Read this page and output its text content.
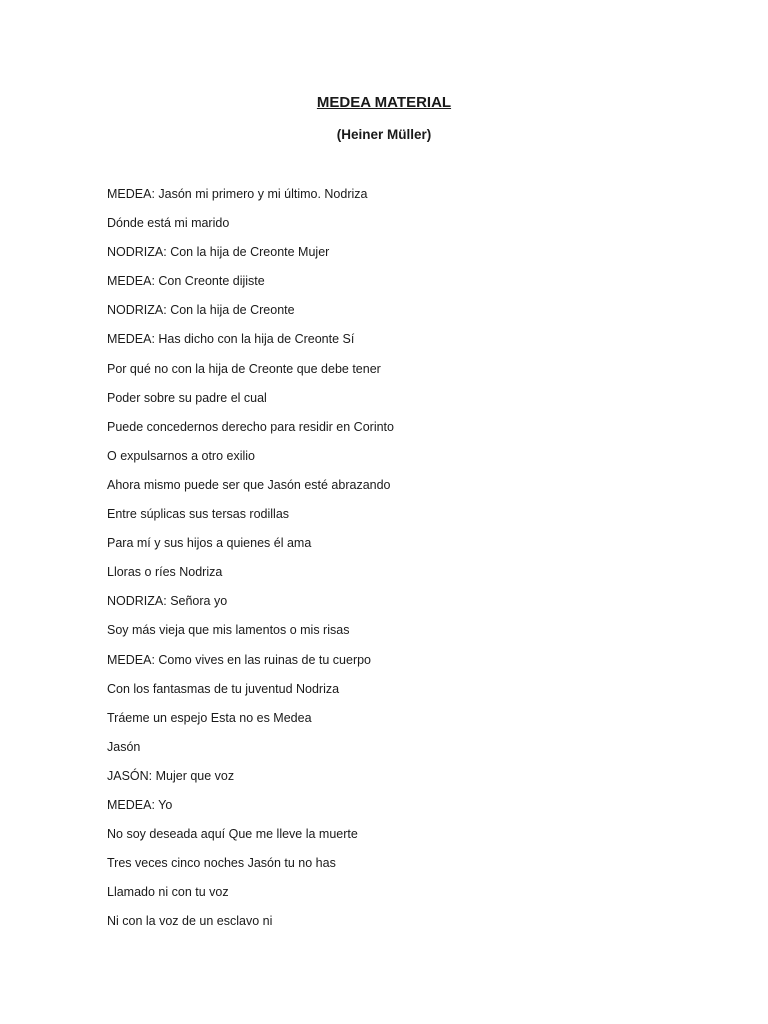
MEDEA MATERIAL
(Heiner Müller)
MEDEA: Jasón mi primero y mi último. Nodriza
Dónde está mi marido
NODRIZA: Con la hija de Creonte Mujer
MEDEA: Con Creonte dijiste
NODRIZA: Con la hija de Creonte
MEDEA: Has dicho con la hija de Creonte Sí
Por qué no con la hija de Creonte que debe tener
Poder sobre su padre el cual
Puede concedernos derecho para residir en Corinto
O expulsarnos a otro exilio
Ahora mismo puede ser que Jasón esté abrazando
Entre súplicas sus tersas rodillas
Para mí y sus hijos a quienes él ama
Lloras o ríes Nodriza
NODRIZA: Señora yo
Soy más vieja que mis lamentos o mis risas
MEDEA: Como vives en las ruinas de tu cuerpo
Con los fantasmas de tu juventud Nodriza
Tráeme un espejo Esta no es Medea
Jasón
JASÓN: Mujer que voz
MEDEA: Yo
No soy deseada aquí Que me lleve la muerte
Tres veces cinco noches Jasón tu no has
Llamado ni con tu voz
Ni con la voz de un esclavo ni
